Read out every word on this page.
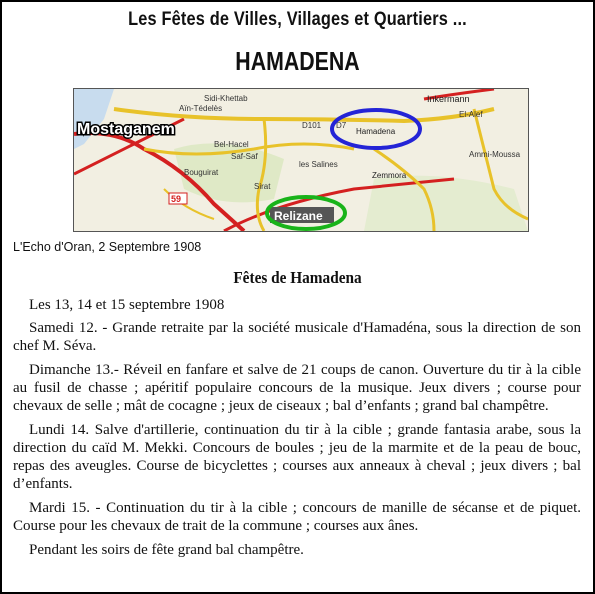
Les Fêtes de Villes, Villages et Quartiers ...
HAMADENA
59
Mostaganem
Sidi-Khettab
Aïn-Tédelès
Bel-Hacel
Saf-Saf
Bouguirat
Sirat
les Salines
D101 D7
Hamadena
Inkermann
El-Alef
Ammi-Moussa
Zemmora
Relizane
L'Echo d'Oran, 2 Septembre 1908
Fêtes de Hamadena

Les 13, 14 et 15 septembre 1908

Samedi 12. - Grande retraite par la société musicale d'Hamadéna, sous la direction de son chef M. Séva.

Dimanche 13.- Réveil en fanfare et salve de 21 coups de canon. Ouverture du tir à la cible au fusil de chasse ; apéritif populaire concours de la musique. Jeux divers ; course pour chevaux de selle ; mât de cocagne ; jeux de ciseaux ; bal d’enfants ; grand bal champêtre.

Lundi 14. Salve d'artillerie, continuation du tir à la cible ; grande fantasia arabe, sous la direction du caïd M. Mekki. Concours de boules ; jeu de la marmite et de la peau de bouc, repas des aveugles. Course de bicyclettes ; courses aux anneaux à cheval ; jeux divers ; bal d’enfants.

Mardi 15. - Continuation du tir à la cible ; concours de manille de sécanse et de piquet. Course pour les chevaux de trait de la commune ; courses aux ânes.

Pendant les soirs de fête grand bal champêtre.
